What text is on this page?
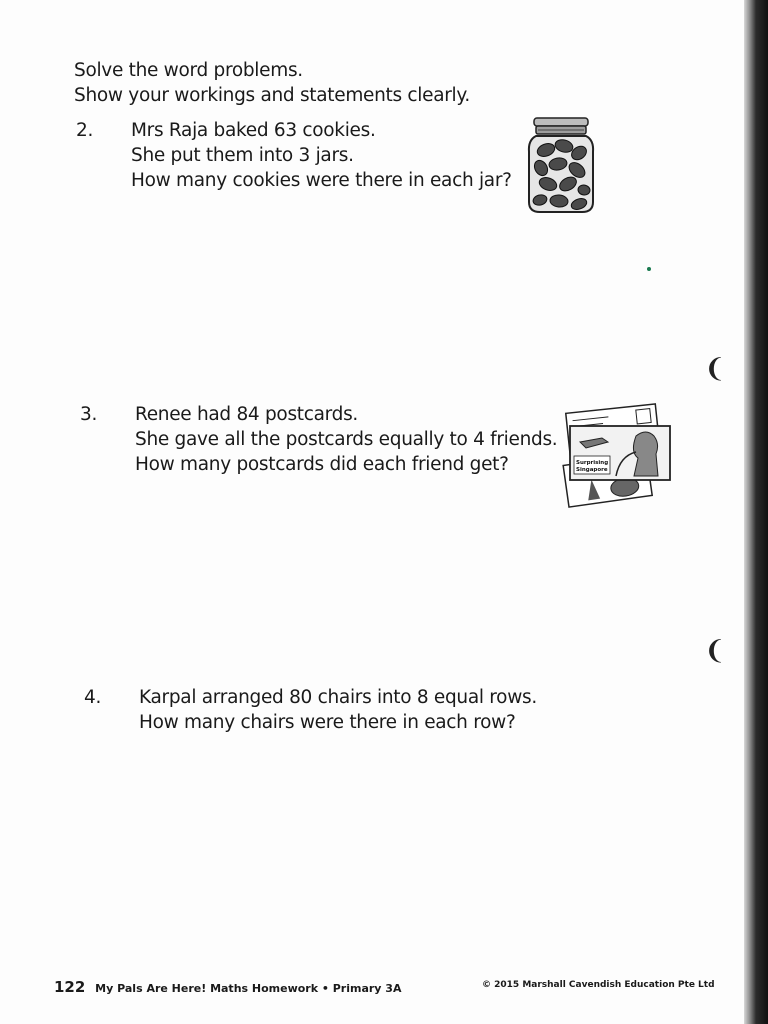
Solve the word problems.
Show your workings and statements clearly.
2. Mrs Raja baked 63 cookies.
She put them into 3 jars.
How many cookies were there in each jar?
3. Renee had 84 postcards.
She gave all the postcards equally to 4 friends.
How many postcards did each friend get?	Surprising
Singapore
4. Karpal arranged 80 chairs into 8 equal rows.
How many chairs were there in each row?
❨
❨
122 My Pals Are Here! Maths Homework • Primary 3A	© 2015 Marshall Cavendish Education Pte Ltd
